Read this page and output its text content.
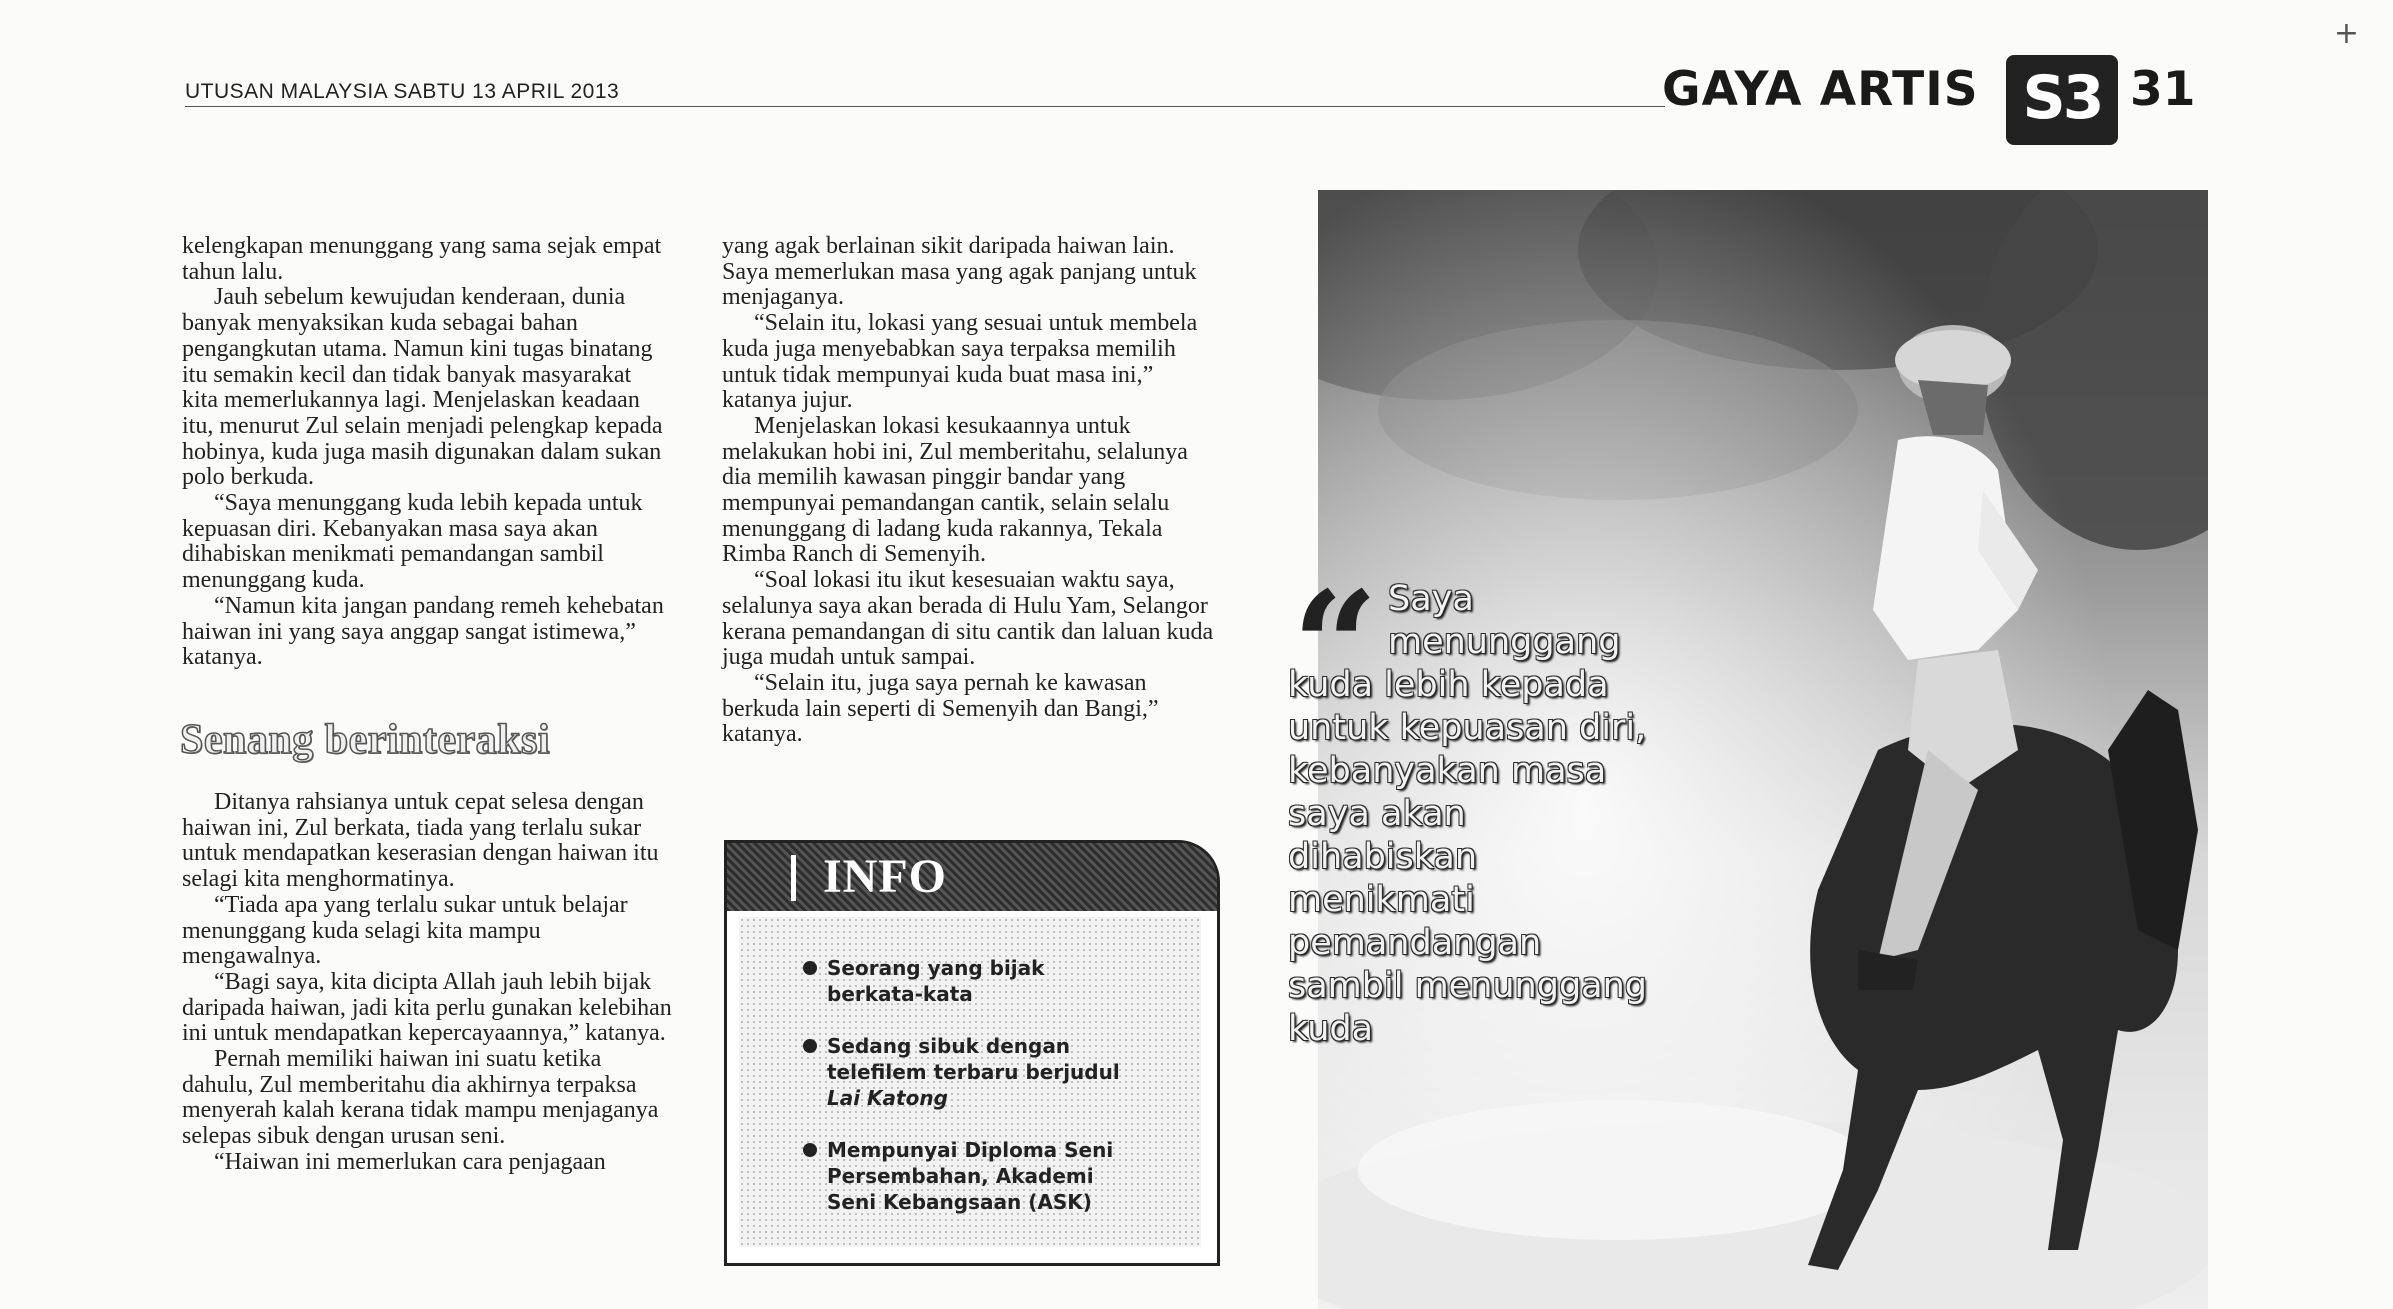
UTUSAN MALAYSIA SABTU 13 APRIL 2013	GAYA ARTIS S3 31
+

kelengkapan menunggang yang sama sejak empat tahun lalu.

Jauh sebelum kewujudan kenderaan, dunia banyak menyaksikan kuda sebagai bahan pengangkutan utama. Namun kini tugas binatang itu semakin kecil dan tidak banyak masyarakat kita memerlukannya lagi. Menjelaskan keadaan itu, menurut Zul selain menjadi pelengkap kepada hobinya, kuda juga masih digunakan dalam sukan polo berkuda.

“Saya menunggang kuda lebih kepada untuk kepuasan diri. Kebanyakan masa saya akan dihabiskan menikmati pemandangan sambil menunggang kuda.

“Namun kita jangan pandang remeh kehebatan haiwan ini yang saya anggap sangat istimewa,” katanya.

Senang berinteraksi

Ditanya rahsianya untuk cepat selesa dengan haiwan ini, Zul berkata, tiada yang terlalu sukar untuk mendapatkan keserasian dengan haiwan itu selagi kita menghormatinya.

“Tiada apa yang terlalu sukar untuk belajar menunggang kuda selagi kita mampu mengawalnya.

“Bagi saya, kita dicipta Allah jauh lebih bijak daripada haiwan, jadi kita perlu gunakan kelebihan ini untuk mendapatkan kepercayaannya,” katanya.

Pernah memiliki haiwan ini suatu ketika dahulu, Zul memberitahu dia akhirnya terpaksa menyerah kalah kerana tidak mampu menjaganya selepas sibuk dengan urusan seni.

“Haiwan ini memerlukan cara penjagaan

yang agak berlainan sikit daripada haiwan lain. Saya memerlukan masa yang agak panjang untuk menjaganya.

“Selain itu, lokasi yang sesuai untuk membela kuda juga menyebabkan saya terpaksa memilih untuk tidak mempunyai kuda buat masa ini,” katanya jujur.

Menjelaskan lokasi kesukaannya untuk melakukan hobi ini, Zul memberitahu, selalunya dia memilih kawasan pinggir bandar yang mempunyai pemandangan cantik, selain selalu menunggang di ladang kuda rakannya, Tekala Rimba Ranch di Semenyih.

“Soal lokasi itu ikut kesesuaian waktu saya, selalunya saya akan berada di Hulu Yam, Selangor kerana pemandangan di situ cantik dan laluan kuda juga mudah untuk sampai.

“Selain itu, juga saya pernah ke kawasan berkuda lain seperti di Semenyih dan Bangi,” katanya.

INFO
Seorang yang bijak berkata-kata
Sedang sibuk dengan telefilem terbaru berjudul
Lai Katong
Mempunyai Diploma Seni Persembahan, Akademi Seni Kebangsaan (ASK)
“ Saya menunggang
kuda lebih kepada untuk kepuasan diri, kebanyakan masa saya akan dihabiskan menikmati pemandangan sambil menunggang kuda
